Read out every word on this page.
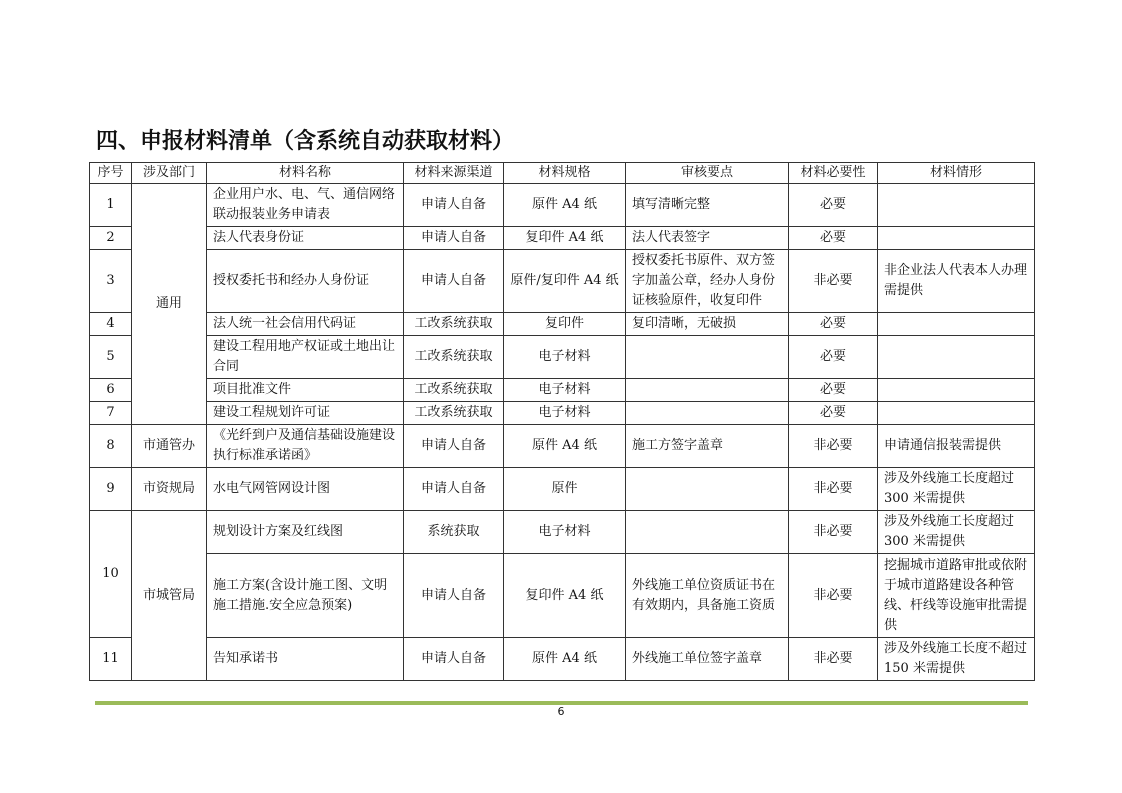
四、申报材料清单（含系统自动获取材料）
序号	涉及部门	材料名称	材料来源渠道	材料规格	审核要点	材料必要性	材料情形
1	通用	企业用户水、电、气、通信网络联动报装业务申请表	申请人自备	原件 A4 纸	填写清晰完整	必要	
2		法人代表身份证	申请人自备	复印件 A4 纸	法人代表签字	必要	
3		授权委托书和经办人身份证	申请人自备	原件/复印件 A4 纸	授权委托书原件、双方签字加盖公章，经办人身份证核验原件，收复印件	非必要	非企业法人代表本人办理需提供
4		法人统一社会信用代码证	工改系统获取	复印件	复印清晰，无破损	必要	
5		建设工程用地产权证或土地出让合同	工改系统获取	电子材料		必要	
6		项目批准文件	工改系统获取	电子材料		必要	
7		建设工程规划许可证	工改系统获取	电子材料		必要	
8	市通管办	《光纤到户及通信基础设施建设执行标准承诺函》	申请人自备	原件 A4 纸	施工方签字盖章	非必要	申请通信报装需提供
9	市资规局	水电气网管网设计图	申请人自备	原件		非必要	涉及外线施工长度超过 300 米需提供
10	市城管局	规划设计方案及红线图	系统获取	电子材料		非必要	涉及外线施工长度超过 300 米需提供
		施工方案(含设计施工图、文明施工措施.安全应急预案)	申请人自备	复印件 A4 纸	外线施工单位资质证书在有效期内，具备施工资质	非必要	挖掘城市道路审批或依附于城市道路建设各种管线、杆线等设施审批需提供
11		告知承诺书	申请人自备	原件 A4 纸	外线施工单位签字盖章	非必要	涉及外线施工长度不超过 150 米需提供
6
